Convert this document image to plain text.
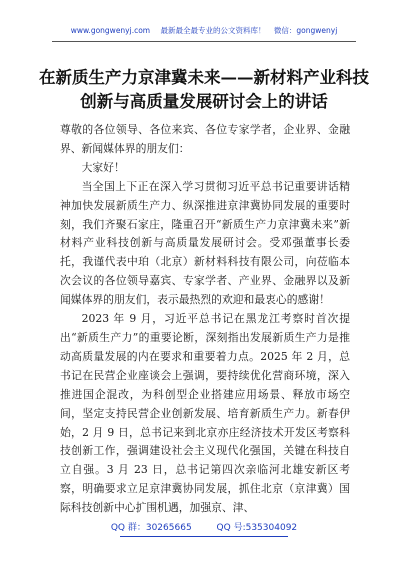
www.gongwenyj.com 最新最全最专业的公文资料库！ 微信：gongwenyj
在新质生产力京津冀未来——新材料产业科技
创新与高质量发展研讨会上的讲话

尊敬的各位领导、各位来宾、各位专家学者，企业界、金融界、新闻媒体界的朋友们：

大家好！

当全国上下正在深入学习贯彻习近平总书记重要讲话精神加快发展新质生产力、纵深推进京津冀协同发展的重要时刻，我们齐聚石家庄，隆重召开“新质生产力京津冀未来”新材料产业科技创新与高质量发展研讨会。受邓强董事长委托，我谨代表中珀（北京）新材料科技有限公司，向莅临本次会议的各位领导嘉宾、专家学者、产业界、金融界以及新闻媒体界的朋友们，表示最热烈的欢迎和最衷心的感谢！

2023 年 9 月，习近平总书记在黑龙江考察时首次提出“新质生产力”的重要论断，深刻指出发展新质生产力是推动高质量发展的内在要求和重要着力点。2025 年 2 月，总书记在民营企业座谈会上强调，要持续优化营商环境，深入推进国企混改，为科创型企业搭建应用场景、释放市场空间，坚定支持民营企业创新发展、培育新质生产力。新春伊始，2 月 9 日，总书记来到北京亦庄经济技术开发区考察科技创新工作，强调建设社会主义现代化强国，关键在科技自立自强。3 月 23 日，总书记第四次亲临河北雄安新区考察，明确要求立足京津冀协同发展，抓住北京（京津冀）国际科技创新中心扩围机遇，加强京、津、

QQ 群：30265665	QQ 号:535304092
